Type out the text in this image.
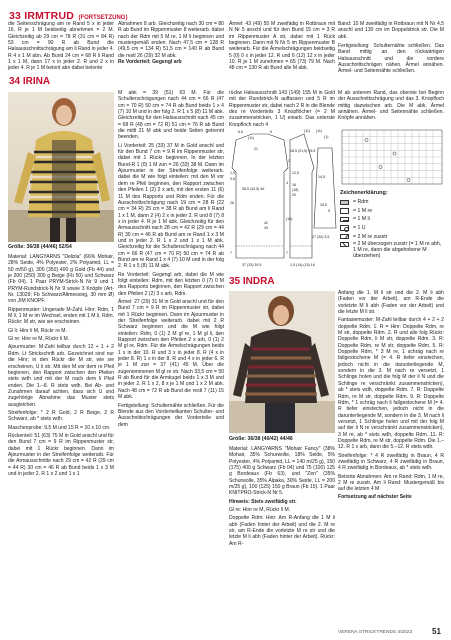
33 IRMTRUD (FORTSETZUNG)

die Seitenschrägung am re Rand 5 x in jeder 16. R je 1 M beidseitig abnehmen = 2 M. Gleichzeitig ab 29 cm = 78 R (31 cm = 84 R) 53 cm = 90 R ab Bund die Halsausschnittschrägung am li Rand in jeder 4. R 4 x 1 M abn. Ab Bund 24 cm = 68 R li Rand 1 x 1 M, dann 17 x in jeder 2. R und 2 x in jeder 4. R je 1 M betont abn dabei betonte

Abnahmen 8 arb. Gleichzeitig nach 30 cm = 80 R ab Bund im Rippenmuster 8 weiterarb. dabei nach der Rdm mit 5 M re, 1 M li beginnen und mustergemäß enden. Nach 47,5 cm = 128 R (49,5 cm = 134 R) 51,5 cm = 140 R ab Bund die restl 26 (29) 32 M abk.

Re Vorderteil: Gegengl arb

Ärmel: 43 (49) 55 M zweifädig in Rotbraun mit N Nr 5 anschl und für den Bund 15 cm = 3 R im Rippenmuster A str, dabei mit 1 Rück beginnen. Dann mit N Nr 5 im Rippenmuster B weiterarb. Für die Ärmelschrägungen beidseitig 5 (0) 0 x in jeder 12. R und 6 (12) 12 x in jeder 10. R je 1 M zunehmen = 65 (73) 79 M. Nach 48 cm = 130 R ab Bund alle M abk.

Band: 10 M zweifädig in Rotbraun mit N Nr 4,5 anschl und 130 cm im Doppelstrick str. Die M abk.

Fertigstellung: Schulternähte schließen. Das Band mittig an den rückwärtigen Halsausschnitt und die vordere Ausschnittschrägen nähen. Ärmel annähen. Ärmel- und Seitennähte schließen.

34 IRINA
Größe: 36/38 (44/46) 52/54

Material: LANGYARNS "Delizia" (66% Mohair, 28% Seide, 4% Polyester, 2% Polyamid, LL = 50 m/50 g), 300 (350) 400 g Gold (Fb 44) und je 200 (250) 300 g Beige (Fb 50) und Schwarz (Fb 04). 1 Paar PRYM-Strick-N Nr 9 und 1 PRYM-Rundstrick-N Nr 9 sowie 3 Knöpfe (Art-Nr. 13029; Fb Schwarz/Altmessing, 30 mm Ø) von JIM KNOPF.

Rippenmuster: Ungerade M-Zahl. Hinr: Rdm, 1 M li, 1 M re im Wechsel, enden mit 1 M li, Rdm. Rückr: M str, wie sie erscheinen.

Gl li: Hinr li M, Rückr re M.

Gl re: Hinr re M, Rückr li M.

Ajourmuster: M-Zahl teilbar durch 12 + 1 + 2 Rdm. Lt Strickschrift arb. Gezeichnet sind nur die Hinr; in den Rückr die M str, wie sie erscheinen, U li str. Mit den M vor dem re Pfeil beginnen, den Rapport zwischen den Pfeilen stets wdh und mit der M nach dem li Pfeil enden. Die 1.–8. R stets wdh. Bei Ab- und Zunahmen darauf achten, dass sich U und zugehörige Abnahme das Muster stets ausgleichen.

Streifenfolge: * 2 R Gold, 2 R Beige, 2 R Schwarz, ab * stets wdh.

Maschenprobe: 9,5 M und 15 R = 10 x 10 cm.

Rückenteil: 51 (63) 75 M in Gold anschl und für den Bund 7 cm = 9 R im Rippenmuster str, dabei mit 1 Rückr beginnen. Dann im Ajourmuster in der Streifenfolge weiterarb. Für die Armausschnitte nach 29 cm = 42 R (29 cm = 44 R) 30 cm = 46 R ab Bund beids 1 x 3 M und in jeder 2. R 1 x 2 und 1 x 1

M abk = 39 (51) 63 M. Für die Schulterschrägungen nach 44 cm = 66 R (47 cm = 70 R) 50 cm = 74 R ab Bund beids 1 x 4 (7) 10 M und in der folg 2. R 1 x 5 (8) 11 M abk. Gleichzeitig für den Halsausschnitt nach 45 cm = 68 R (48 cm = 72 R) 51 cm = 76 R ab Bund die mittl 21 M abk und beide Seiten getrennt beenden.

Li Vorderteil: 25 (33) 37 M in Gold anschl und für den Bund 7 cm = 9 R im Rippenmuster str, dabei mit 1 Rückr beginnen. In der letzten Bund-R 1 (0) 1 M zun = 26 (33) 38 M. Dann im Ajourmuster in der Streifenfolge weiterarb. dabei die M wie folgt einteilen: mit den M vor dem re Pfeil beginnen, den Rapport zwischen den Pfeilen 1 (2) 2 x arb, mit den ersten 11 (6) 11 M des Rapports und Rdm enden. Für die Ausschnittschrägung nach 19 cm = 28 R (22 cm = 34 R) 25 cm = 38 R ab Bund am li Rand 1 x 1 M, dann 2 (4) 2 x in jeder 2. R und 8 (7) 8 x in jeder 4. R je 1 M abk. Gleichzeitig für den Armausschnitt nach 28 cm = 42 R (29 cm = 44 R) 30 cm = 46 R ab Bund am re Rand 1 x 3 M und in jeder 2. R 1 x 2 und 1 x 1 M abk. Gleichzeitig für die Schulterschrägung nach 44 cm = 66 R (47 cm = 70 R) 50 cm = 74 R ab Bund am re Rand 1 x 4 (7) 10 M und in der folg 2. R 1 x 5 (8) 11 M abk.

Re Vorderteil: Gegengl arb, dabei die M wie folgt einteilen: Rdm, mit den letzten 0 (7) 0 M des Rapports beginnen, den Rapport zwischen den Pfeilen 2 (2) 3 x arb, Rdm.

Ärmel: 27 (29) 31 M in Gold anschl und für den Bund 7 cm = 9 R im Rippenmuster str, dabei mit 1 Rückr beginnen. Dann im Ajourmuster in der Streifenfolge weiterarb. dabei mit 2 R Schwarz beginnen und die M wie folgt einteilen: Rdm, 0 (1) 2 M gl re, 1 M gl li, den Rapport zwischen den Pfeilen 2 x arb, 0 (1) 2 M gl re, Rdm. Für die Ärmelschrägungen beids 1 x in der 10. R und 3 x in jeder 8. R (4 x in jeder 8. R) 1 x in der 8. R und 4 x in jeder 6. R je 1 M zun = 37 (41) 45 M. Über die zugenommenen M gl re str. Nach 33,5 cm = 50 R ab Bund für die Armkugel beids 1 x 3 M und in jeder 2. R 1 x 2, 8 x je 1 M und 1 x 2 M abk. Nach 48 cm = 72 R ab Bund die restl 7 (11) 15 M abk.

Fertigstellung: Schulternähte schließen. Für die Blende aus den Vorderteilkanten Schulter- und Ausschnittschrägungen der Vorderteile und dem

rückw Halsausschnitt 143 (149) 155 M in Gold mit der Rundstrick-N auffassen und 5 R im Rippenmuster str, dabei nach 2 R in die Blende des re Vorderteils 3 Knopflöcher (= 2 M zusammenstricken, 1 U) einarb. Das unterste Knopfloch nach 4

M ab unterem Rand, das oberste bei Beginn der Ausschnittschrägung und das 3. Knopfloch mittig dazwischen arb. Die M abk. Ärmel annähen. Ärmel- und Seitennähte schließen. Knöpfe annähen.

6,5
(11)
9
21	18,5 (21,5) 25,5
2
38,5 (42,5) 46
1,5
0,5
12,5
(11) (11)
(1)
4
26
16
(18)
20
14,5
42
39
33,5
(10)
5
7	7
37 (33) 39,5	1,5 (14) (15) 16
27 (30) 3,5
Zeichenerklärung:
= Rdm
= 1 M re
= 1 M li
= 1 U
= 2 M re zusstr
= 2 M überzogen zusstr (= 1 M re abh, 1 M re, dann die abgehobene M überziehen)
35 INDRA
Größe: 36/38 (40/42) 44/46

Material: LANGYARNS "Mohair Fancy" (38% Mohair, 35% Schurwolle, 18% Seide, 5% Polyester, 4% Polyamid, LL = 140 m/25 g), 150 (175) 400 g Schwarz (Fb 04) und 75 (100) 125 g Bordeaux (Fb 63), und "Zen" (35% Schurwolle, 35% Alpaka, 30% Seide, LL = 200 m/25 g), 100 (125) 150 g Braun (Fb 15). 1 Paar KNITPRO-Strick-N Nr 5.

Hinweis: Stets zweifädig str.

Gl re: Hinr re M, Rückr li M.

Doppelte Rdm: Hinr: Am R-Anfang die 1 M li abh (Faden hinter der Arbeit) und die 2. M re str, am R-Ende die vorletzte M re str und die letzte M li abh (Faden hinter der Arbeit). Rückr: Am R-

Anfang die 1. M li str und die 2. M li abh (Faden vor der Arbeit), am R-Ende die vorletzte M li abh (Faden vor der Arbeit) und die letzte M li str.

Fantasiemuster: M-Zahl teilbar durch 4 + 2 + 2 doppelte Rdm. 1. R = Hinr: Doppelte Rdm, re M str, doppelte Rdm. 2. R und alle folg Rückr: Doppelte Rdm, li M str, doppelte Rdm. 3. R: Doppelte Rdm, re M str, doppelte Rdm. 5. R: Doppelte Rdm, * 3 M re, 1 schräg nach re fallgestochene M (= 4. R tiefer einstechen, jedoch nicht in die darunterliegende M, sondern in die 3. M nach re versetzt, 1 Schlinge holen und die folg M der li N und die Schlinge re verschränkt zusammenstricken), ab * stets wdh, doppelte Rdm. 7. R: Doppelte Rdm, re M str, doppelte Rdm. 9. R: Doppelte Rdm, * 1 schräg nach li fallgestochene M (= 4. R tiefer einstechen, jedoch nicht in die darunterliegende M, sondern in die 3. M nach li versetzt, 1 Schlinge holen und mit der folg M auf der li N re verschränkt zusammenstricken), 3 M re, ab * stets wdh, doppelte Rdm. 11. R: Doppelte Rdm, re M str, doppelte Rdm. Die 1.–12. R 1 x arb, dann die 5.–12. R stets wdh.

Streifenfolge: * 4 R zweifädig in Braun, 4 R zweifädig in Schwarz, 4 R zweifädig in Braun, 4 R zweifädig in Bordeaux, ab * stets wdh.

Betonte Abnahmen: Am re Rand: Rdm, 1 M re, 2 M re zusstr. Am li Rand: Mustergemäß bis auf die letzten 4 M

Fortsetzung auf nächster Seite

VERENA STRICKTRENDS 4/2023 51
